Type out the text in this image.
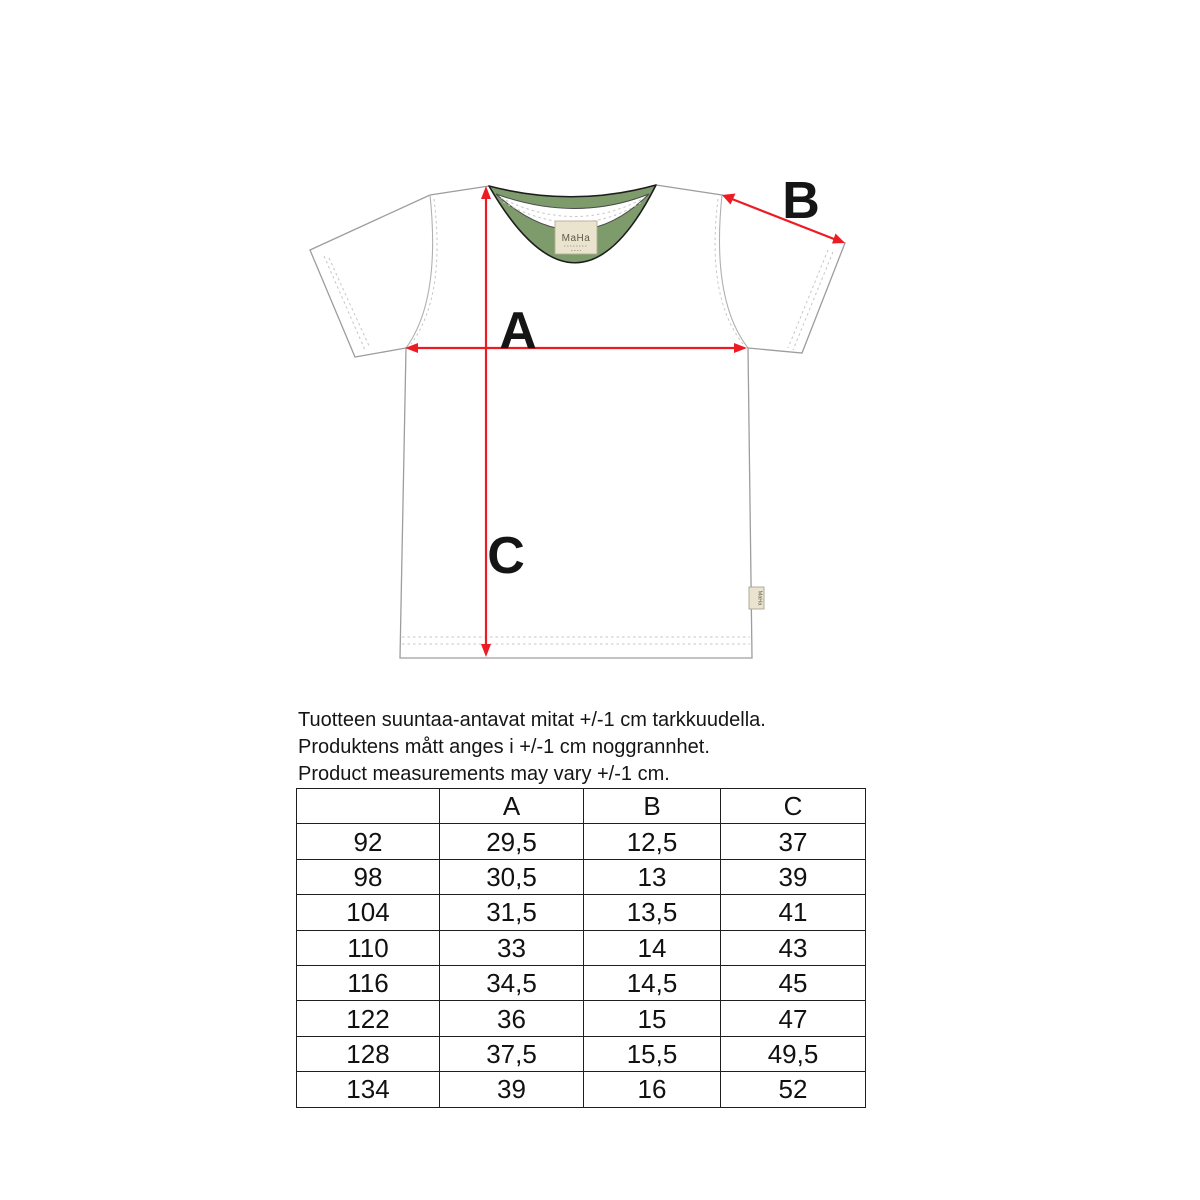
MaHa
MaHa
A
B
C
Tuotteen suuntaa-antavat mitat +/-1 cm tarkkuudella.
Produktens mått anges i +/-1 cm noggrannhet.
Product measurements may vary +/-1 cm.
	A	B	C
92	29,5	12,5	37
98	30,5	13	39
104	31,5	13,5	41
110	33	14	43
116	34,5	14,5	45
122	36	15	47
128	37,5	15,5	49,5
134	39	16	52
